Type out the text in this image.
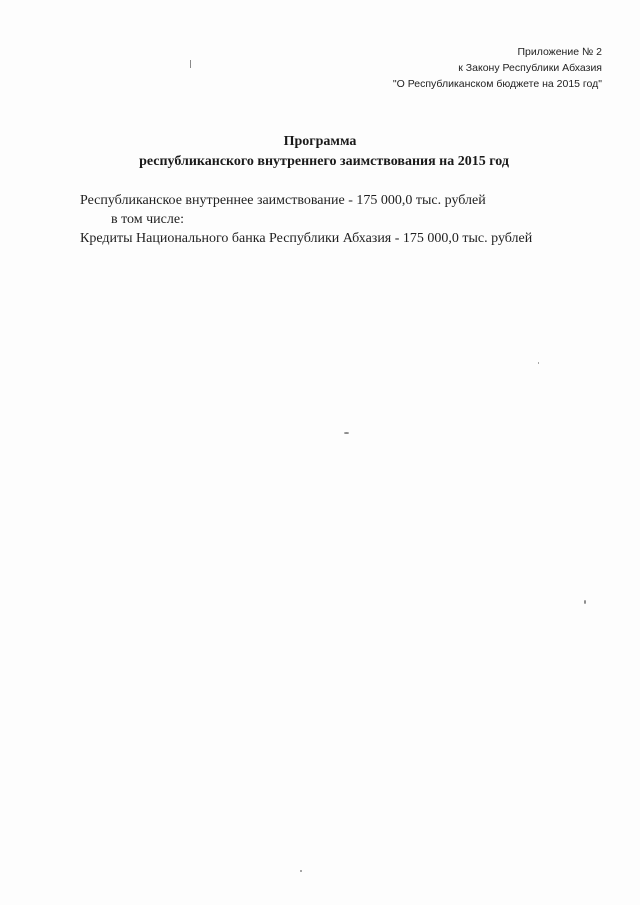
Приложение № 2
к Закону Республики Абхазия
"О Республиканском бюджете на 2015 год"
Программа
республиканского внутреннего заимствования на 2015 год
Республиканское внутреннее заимствование - 175 000,0 тыс. рублей
в том числе:
Кредиты Национального банка Республики Абхазия - 175 000,0 тыс. рублей
